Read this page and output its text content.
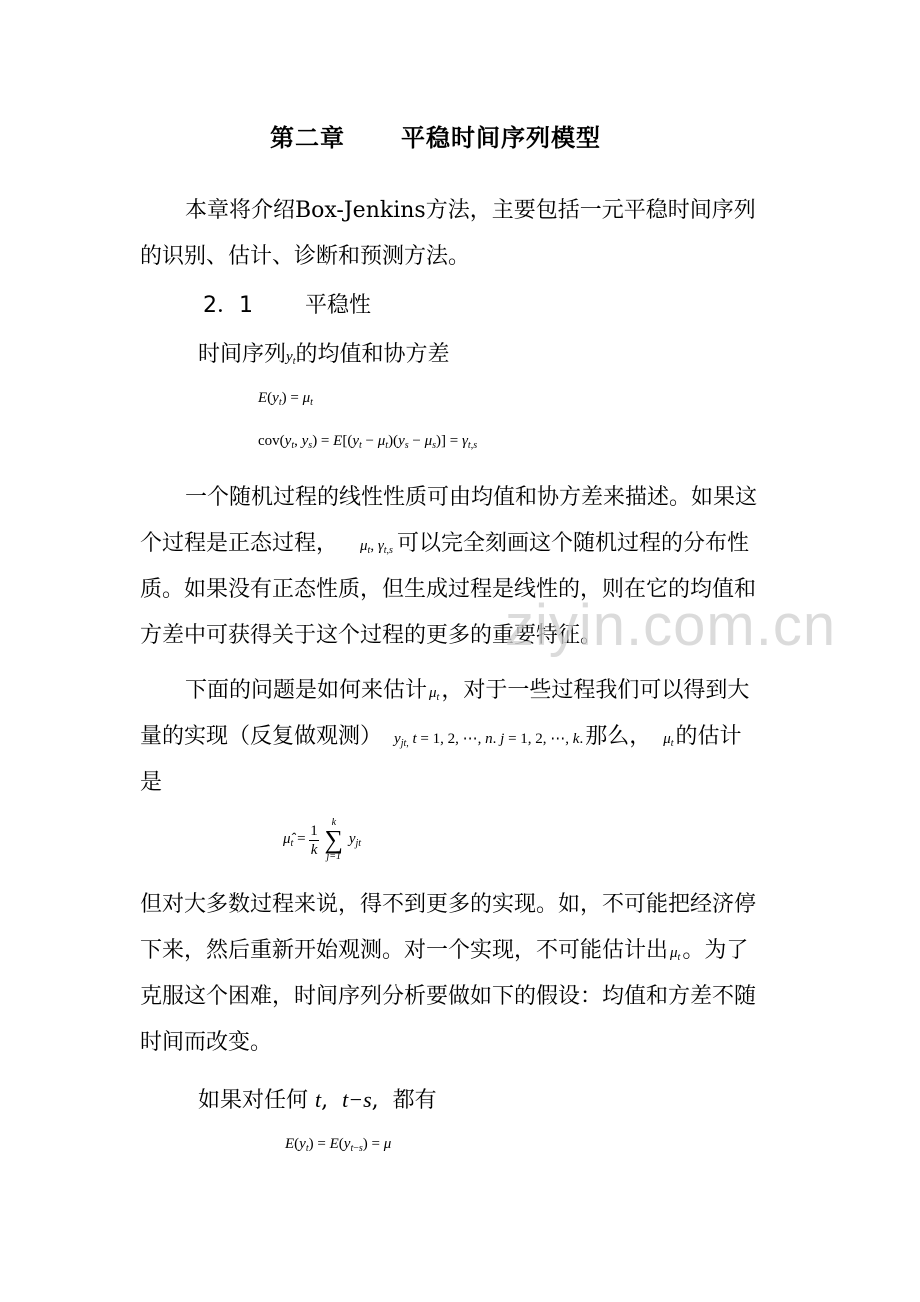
第二章 平稳时间序列模型
本章将介绍Box-Jenkins方法，主要包括一元平稳时间序列
的识别、估计、诊断和预测方法。
2．1 平稳性
时间序列$y_t$的均值和协方差
$E(y_t) = \mu_t$
$cov(y_t$, $y_s) = E[(y_t - \mu_t)(y_s - \mu_s)] = \gamma_{t,s}$
一个随机过程的线性性质可由均值和协方差来描述。如果这
个过程是正态过程， $\mu_t$, $\gamma_{t,s}$ 可以完全刻画这个随机过程的分布性
质。如果没有正态性质，但生成过程是线性的，则在它的均值和
方差中可获得关于这个过程的更多的重要特征。
ziyin.com.cn
下面的问题是如何来估计 $\mu_t$，对于一些过程我们可以得到大
量的实现（反复做观测） $y_{jt,}$ t = 1, 2, ⋯, n. j = 1, 2, ⋯, k.那么， $\mu_t$的估计
是
$\mû_t = \frac{1}{k}$
	k
∑
j=1
$y_{jt}$
但对大多数过程来说，得不到更多的实现。如，不可能把经济停
下来，然后重新开始观测。对一个实现，不可能估计出 $\mu_t$。为了
克服这个困难，时间序列分析要做如下的假设：均值和方差不随
时间而改变。
如果对任何 t,  t−s,  都有
$E(y_t) = E(y_{t-s}) = \mu$
